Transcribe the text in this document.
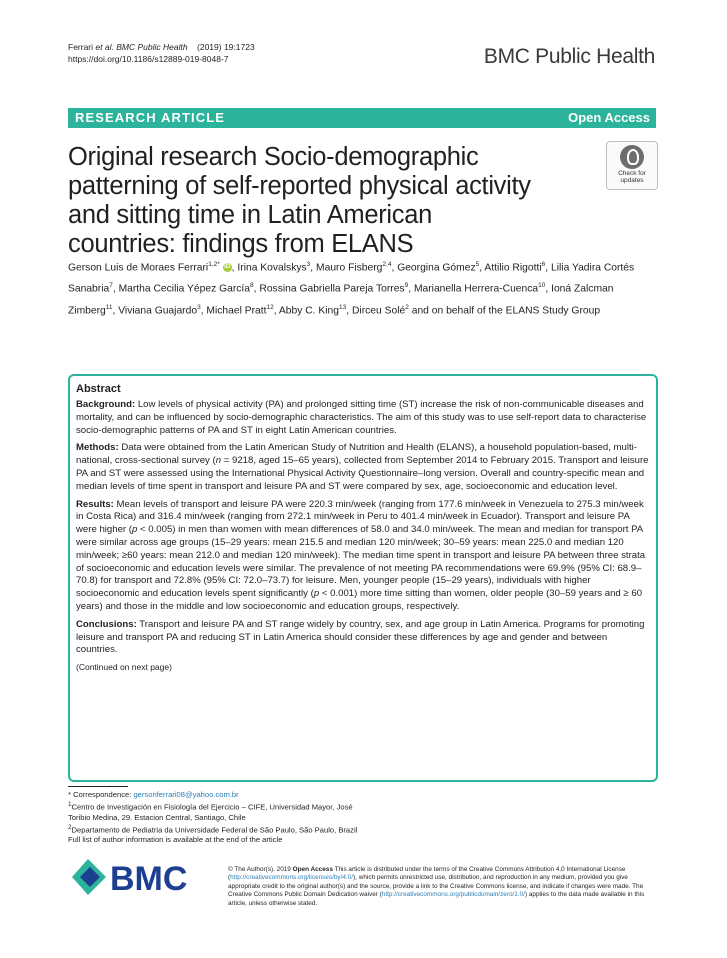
Ferrari et al. BMC Public Health (2019) 19:1723
https://doi.org/10.1186/s12889-019-8048-7	BMC Public Health
RESEARCH ARTICLE	Open Access
Original research Socio-demographic patterning of self-reported physical activity and sitting time in Latin American countries: findings from ELANS
Check for
updates
Gerson Luis de Moraes Ferrari$^{1,2*}$ iD , Irina Kovalskys$^3$, Mauro Fisberg$^{2,4}$, Georgina Gómez$^5$, Attilio Rigotti$^6$, Lilia Yadira Cortés Sanabria$^7$, Martha Cecilia Yépez García$^8$, Rossina Gabriella Pareja Torres$^9$, Marianella Herrera-Cuenca$^{10}$, Ioná Zalcman Zimberg$^{11}$, Viviana Guajardo$^3$, Michael Pratt$^{12}$, Abby C. King$^{13}$, Dirceu Solé$^2$ and on behalf of the ELANS Study Group
Abstract

Background: Low levels of physical activity (PA) and prolonged sitting time (ST) increase the risk of non-communicable diseases and mortality, and can be influenced by socio-demographic characteristics. The aim of this study was to use self-report data to characterise socio-demographic patterns of PA and ST in eight Latin American countries.

Methods: Data were obtained from the Latin American Study of Nutrition and Health (ELANS), a household population-based, multi-national, cross-sectional survey (n = 9218, aged 15–65 years), collected from September 2014 to February 2015. Transport and leisure PA and ST were assessed using the International Physical Activity Questionnaire–long version. Overall and country-specific mean and median levels of time spent in transport and leisure PA and ST were compared by sex, age, socioeconomic and education level.

Results: Mean levels of transport and leisure PA were 220.3 min/week (ranging from 177.6 min/week in Venezuela to 275.3 min/week in Costa Rica) and 316.4 min/week (ranging from 272.1 min/week in Peru to 401.4 min/week in Ecuador). Transport and leisure PA were higher (p < 0.005) in men than women with mean differences of 58.0 and 34.0 min/week. The mean and median for transport PA were similar across age groups (15–29 years: mean 215.5 and median 120 min/week; 30–59 years: mean 225.0 and median 120 min/week; ≥60 years: mean 212.0 and median 120 min/week). The median time spent in transport and leisure PA between three strata of socioeconomic and education levels were similar. The prevalence of not meeting PA recommendations were 69.9% (95% CI: 68.9–70.8) for transport and 72.8% (95% CI: 72.0–73.7) for leisure. Men, younger people (15–29 years), individuals with higher socioeconomic and education levels spent significantly (p < 0.001) more time sitting than women, older people (30–59 years and ≥ 60 years) and those in the middle and low socioeconomic and education groups, respectively.

Conclusions: Transport and leisure PA and ST range widely by country, sex, and age group in Latin America. Programs for promoting leisure and transport PA and reducing ST in Latin America should consider these differences by age and gender and between countries.

(Continued on next page)

* Correspondence: gersonferrari08@yahoo.com.br
$^1$Centro de Investigación en Fisiología del Ejercicio – CIFE, Universidad Mayor, José Toribio Medina, 29. Estacion Central, Santiago, Chile
$^2$Departamento de Pediatria da Universidade Federal de São Paulo, São Paulo, Brazil
Full list of author information is available at the end of the article
BMC	© The Author(s). 2019 Open Access This article is distributed under the terms of the Creative Commons Attribution 4.0 International License (http://creativecommons.org/licenses/by/4.0/), which permits unrestricted use, distribution, and reproduction in any medium, provided you give appropriate credit to the original author(s) and the source, provide a link to the Creative Commons license, and indicate if changes were made. The Creative Commons Public Domain Dedication waiver (http://creativecommons.org/publicdomain/zero/1.0/) applies to the data made available in this article, unless otherwise stated.
